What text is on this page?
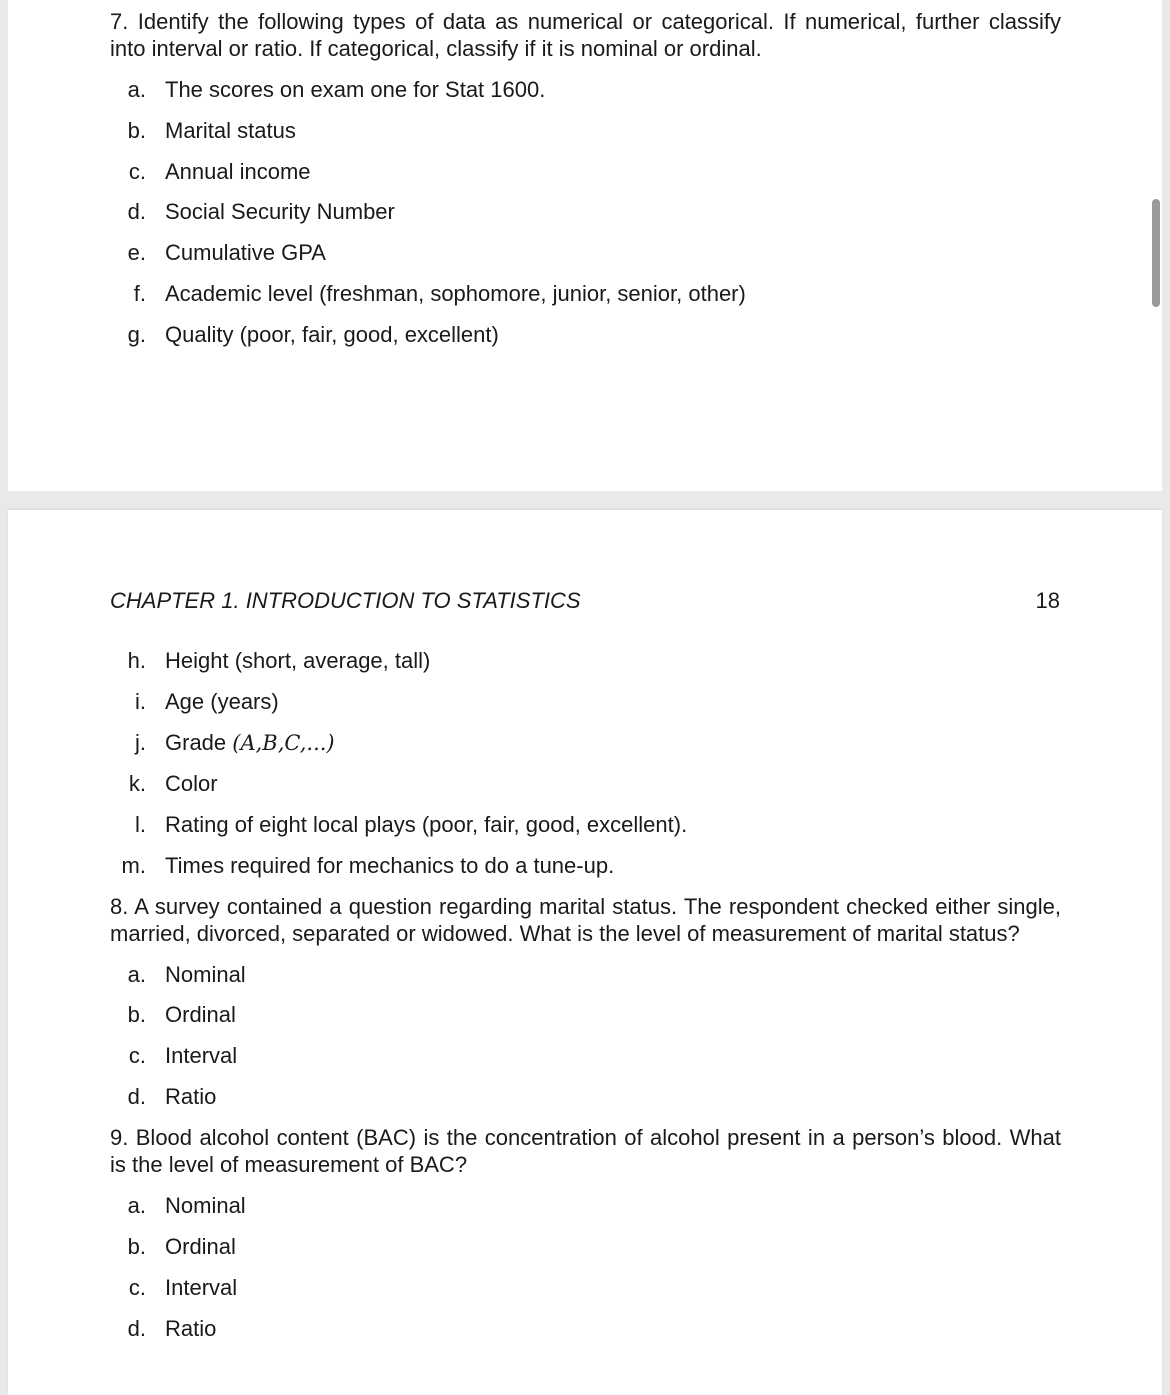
7. Identify the following types of data as numerical or categorical. If numerical, further classify
into interval or ratio. If categorical, classify if it is nominal or ordinal.
a. The scores on exam one for Stat 1600.
b. Marital status
c. Annual income
d. Social Security Number
e. Cumulative GPA
f. Academic level (freshman, sophomore, junior, senior, other)
g. Quality (poor, fair, good, excellent)
CHAPTER 1. INTRODUCTION TO STATISTICS	18
h. Height (short, average, tall)
i. Age (years)
j. Grade (A,B,C,...)
k. Color
l. Rating of eight local plays (poor, fair, good, excellent).
m. Times required for mechanics to do a tune-up.
8. A survey contained a question regarding marital status. The respondent checked either single,
married, divorced, separated or widowed. What is the level of measurement of marital status?
a. Nominal
b. Ordinal
c. Interval
d. Ratio
9. Blood alcohol content (BAC) is the concentration of alcohol present in a person’s blood. What
is the level of measurement of BAC?
a. Nominal
b. Ordinal
c. Interval
d. Ratio
